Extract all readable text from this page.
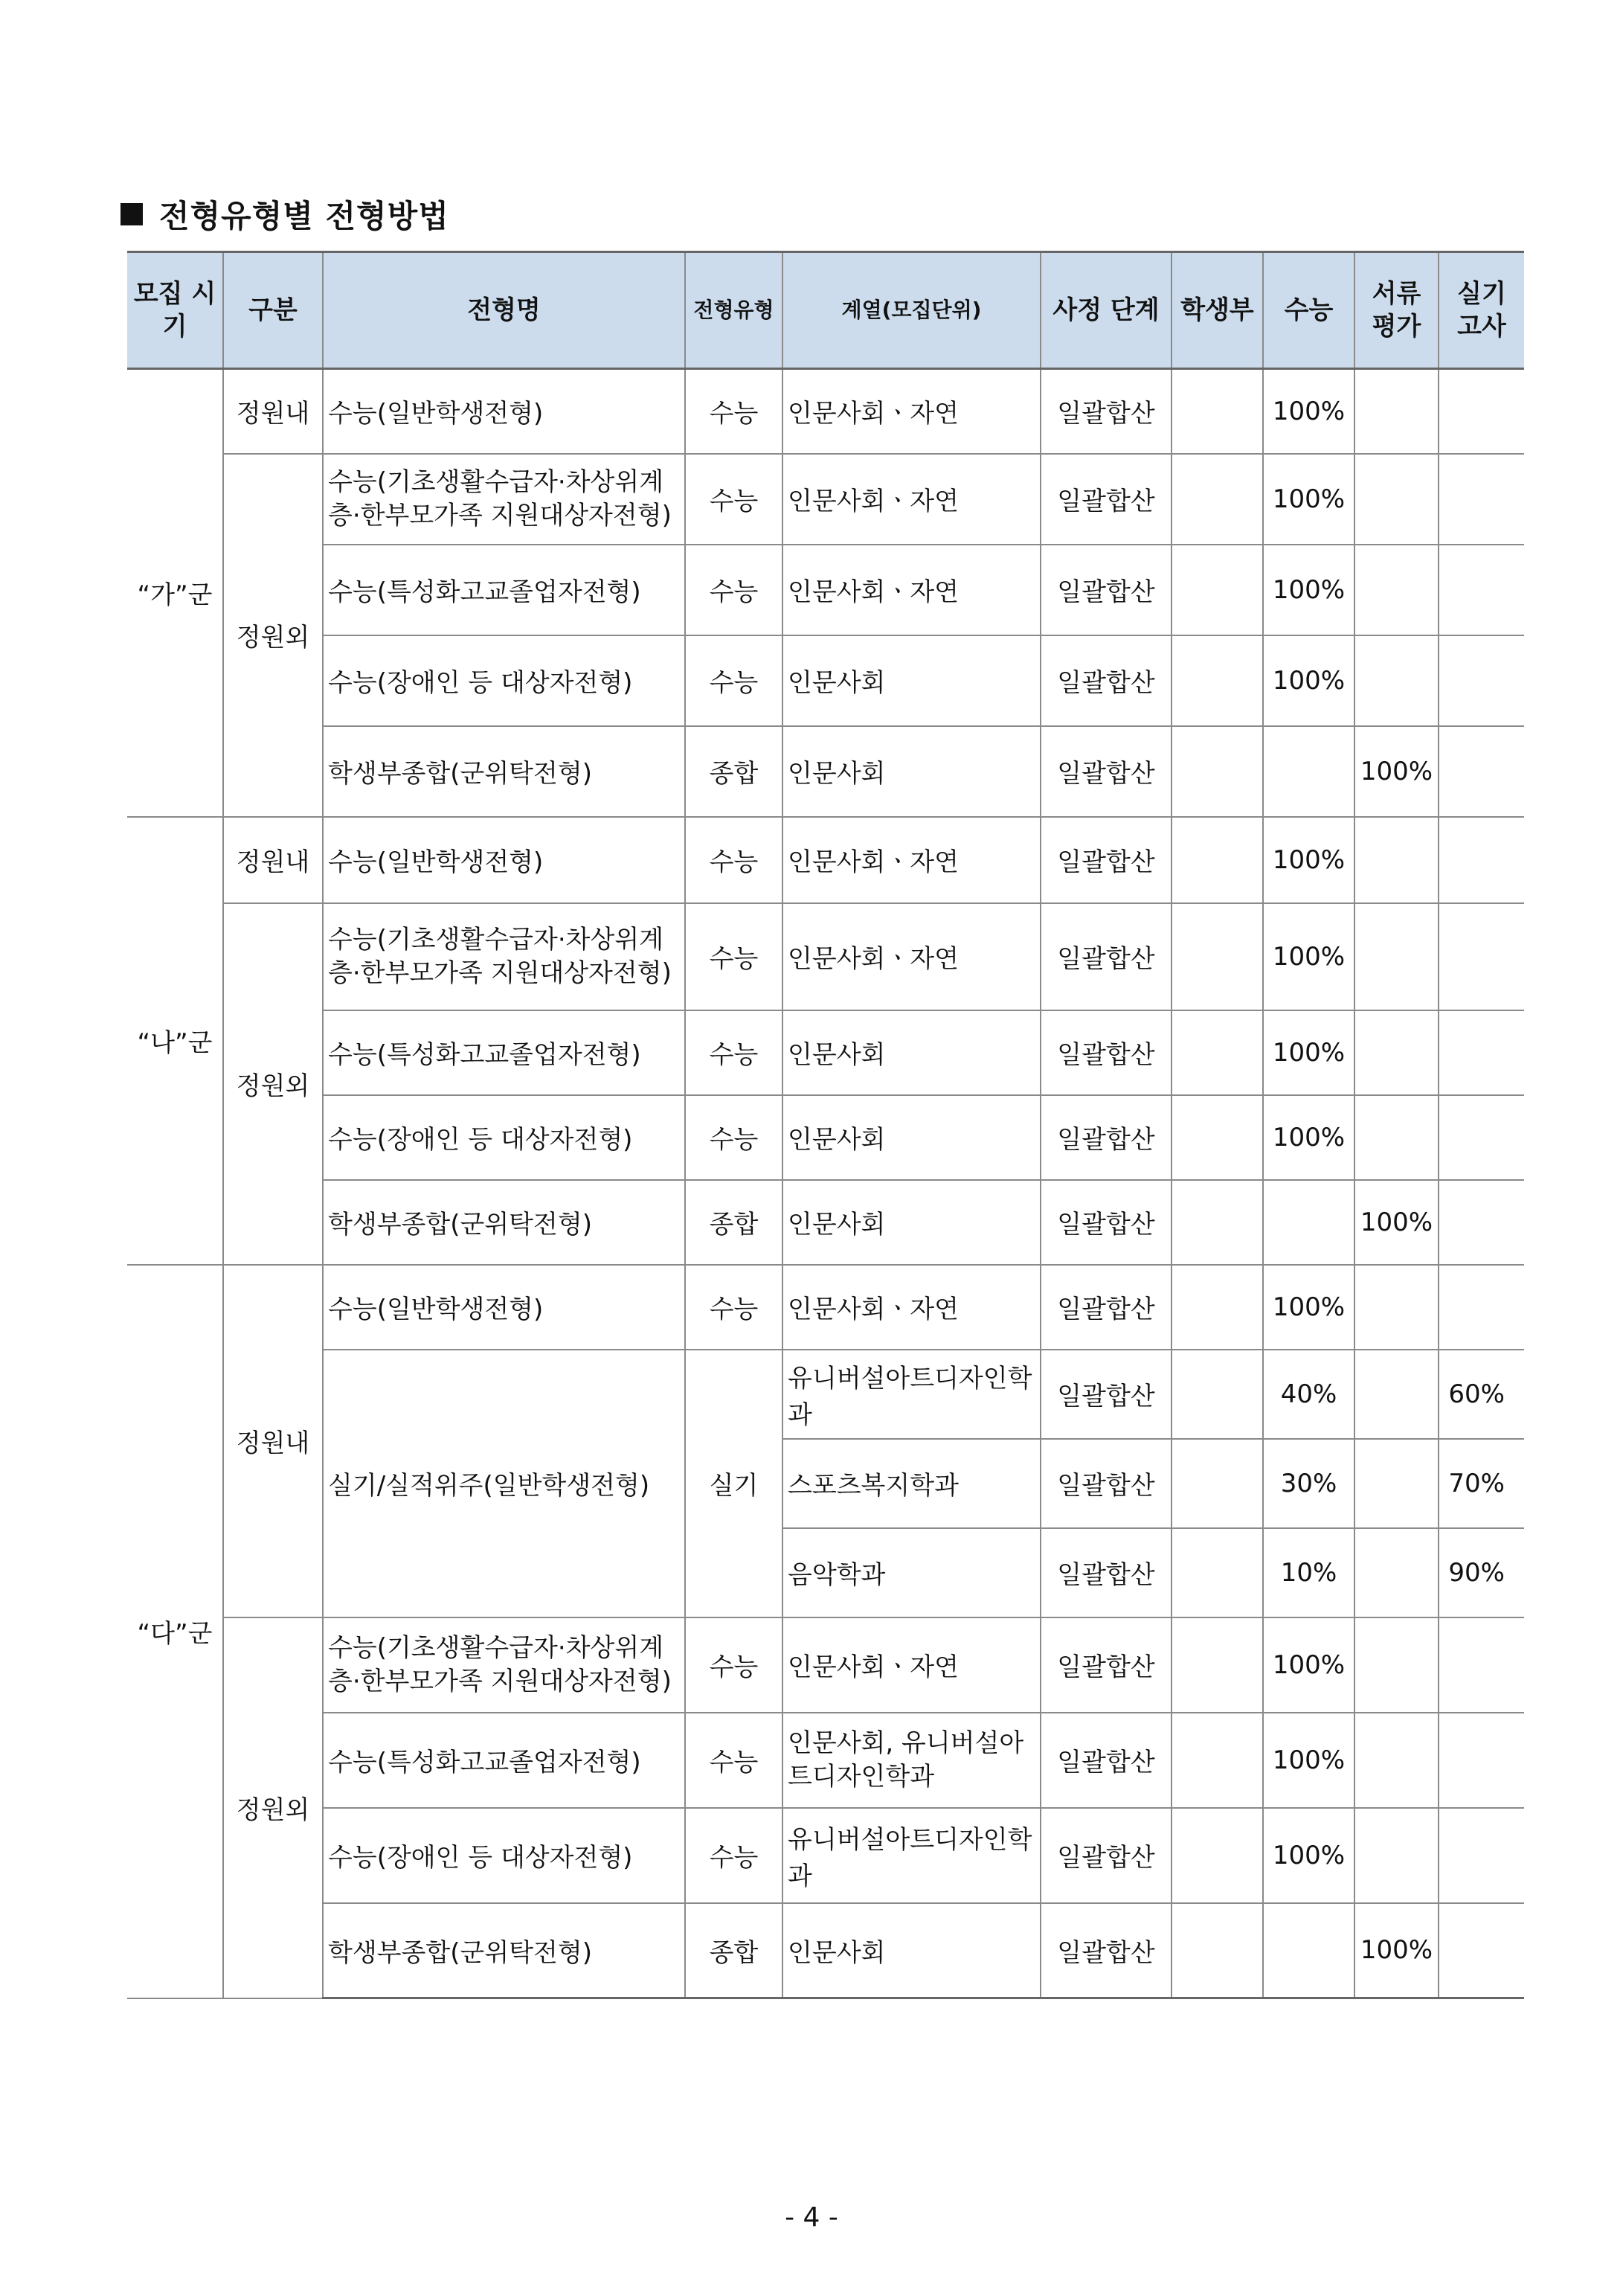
전형유형별 전형방법
모집 시기	구분	전형명	전형유형	계열(모집단위)	사정 단계	학생부	수능	서류 평가	실기 고사
“가”군	정원내	수능(일반학생전형)	수능	인문사회ㆍ자연	일괄합산		100%		
	정원외	수능(기초생활수급자·차상위계층·한부모가족 지원대상자전형)	수능	인문사회ㆍ자연	일괄합산		100%		
		수능(특성화고교졸업자전형)	수능	인문사회ㆍ자연	일괄합산		100%		
		수능(장애인 등 대상자전형)	수능	인문사회	일괄합산		100%		
		학생부종합(군위탁전형)	종합	인문사회	일괄합산			100%	
“나”군	정원내	수능(일반학생전형)	수능	인문사회ㆍ자연	일괄합산		100%		
	정원외	수능(기초생활수급자·차상위계층·한부모가족 지원대상자전형)	수능	인문사회ㆍ자연	일괄합산		100%		
		수능(특성화고교졸업자전형)	수능	인문사회	일괄합산		100%		
		수능(장애인 등 대상자전형)	수능	인문사회	일괄합산		100%		
		학생부종합(군위탁전형)	종합	인문사회	일괄합산			100%	
“다”군	정원내	수능(일반학생전형)	수능	인문사회ㆍ자연	일괄합산		100%		
		실기/실적위주(일반학생전형)	실기	유니버설아트디자인학과	일괄합산		40%		60%
				스포츠복지학과	일괄합산		30%		70%
				음악학과	일괄합산		10%		90%
	정원외	수능(기초생활수급자·차상위계층·한부모가족 지원대상자전형)	수능	인문사회ㆍ자연	일괄합산		100%		
		수능(특성화고교졸업자전형)	수능	인문사회, 유니버설아트디자인학과	일괄합산		100%		
		수능(장애인 등 대상자전형)	수능	유니버설아트디자인학과	일괄합산		100%		
		학생부종합(군위탁전형)	종합	인문사회	일괄합산			100%	
- 4 -
